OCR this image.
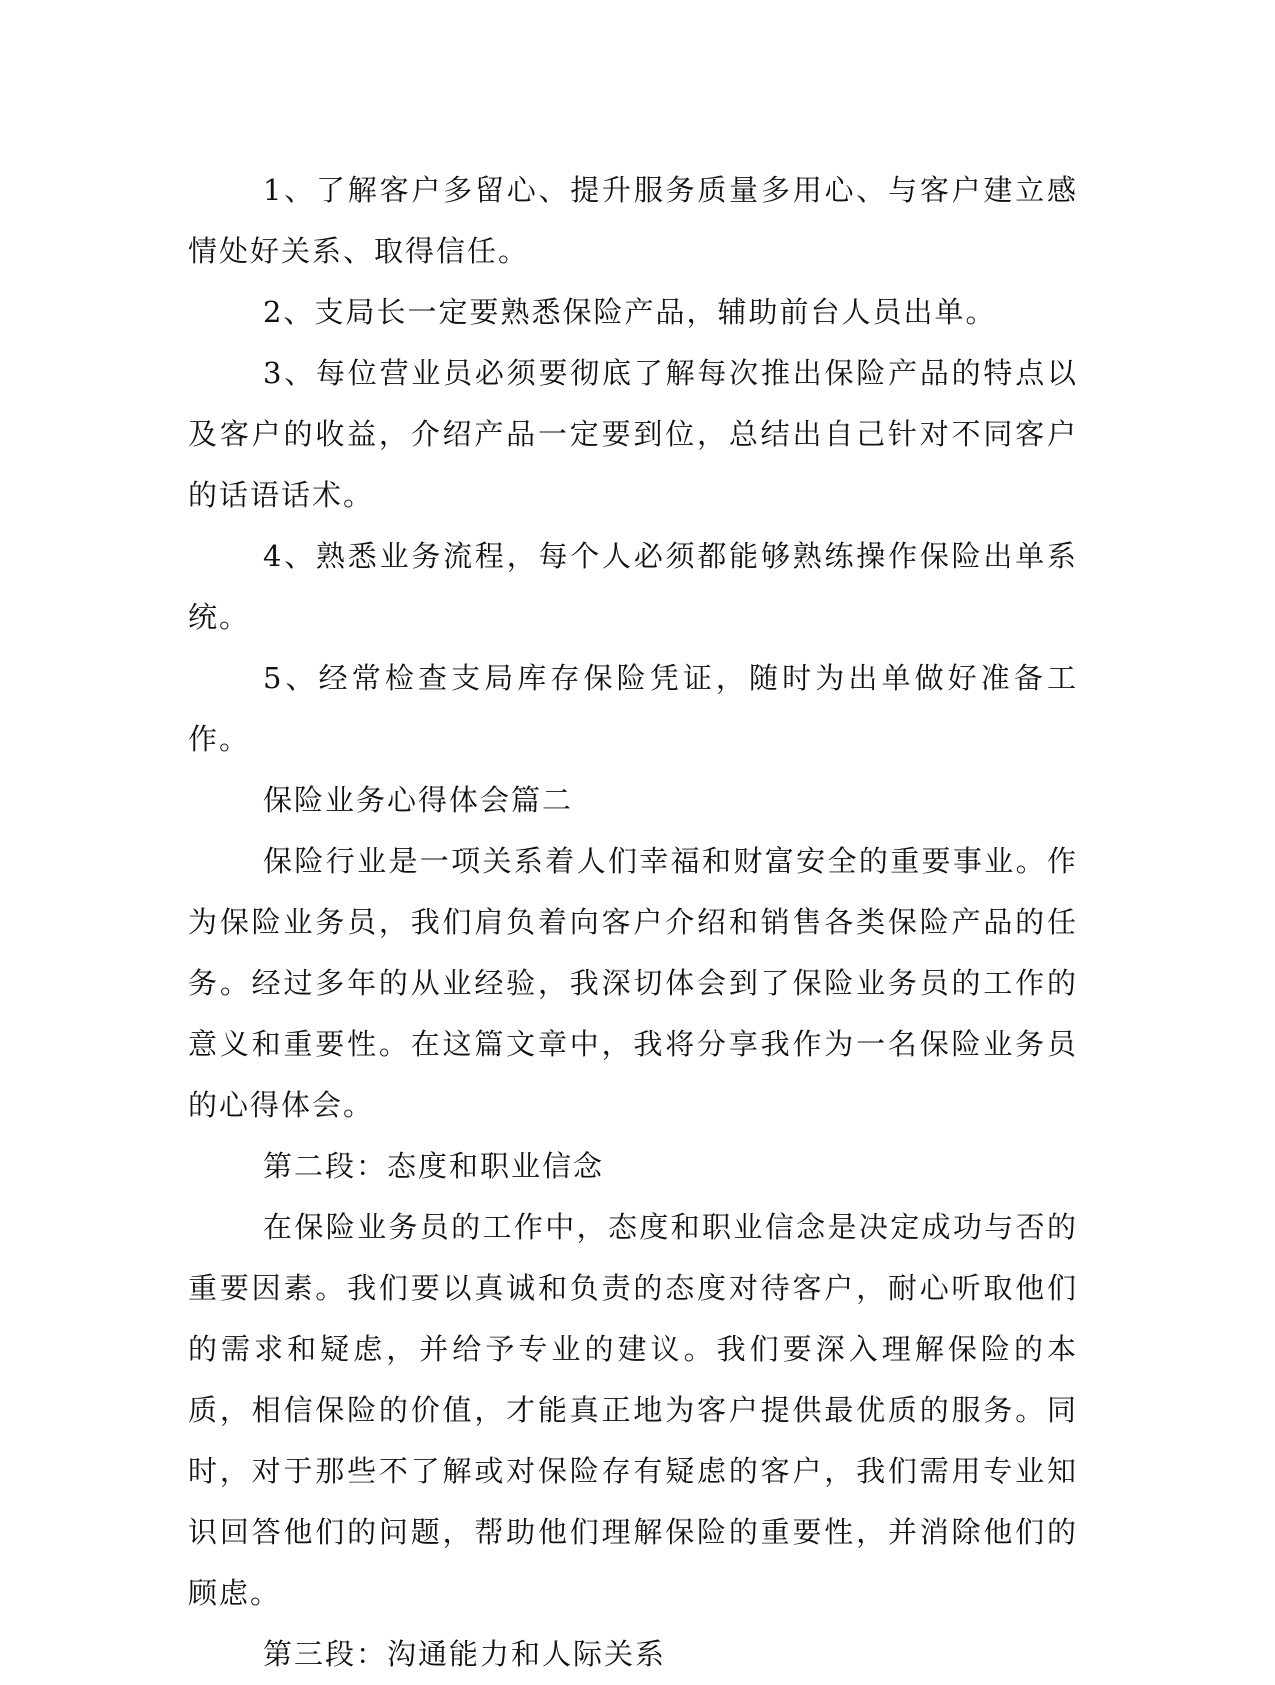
1、了解客户多留心、提升服务质量多用心、与客户建立感情处好关系、取得信任。

2、支局长一定要熟悉保险产品，辅助前台人员出单。

3、每位营业员必须要彻底了解每次推出保险产品的特点以及客户的收益，介绍产品一定要到位，总结出自己针对不同客户的话语话术。

4、熟悉业务流程，每个人必须都能够熟练操作保险出单系统。

5、经常检查支局库存保险凭证，随时为出单做好准备工作。

保险业务心得体会篇二

保险行业是一项关系着人们幸福和财富安全的重要事业。作为保险业务员，我们肩负着向客户介绍和销售各类保险产品的任务。经过多年的从业经验，我深切体会到了保险业务员的工作的意义和重要性。在这篇文章中，我将分享我作为一名保险业务员的心得体会。

第二段：态度和职业信念

在保险业务员的工作中，态度和职业信念是决定成功与否的重要因素。我们要以真诚和负责的态度对待客户，耐心听取他们的需求和疑虑，并给予专业的建议。我们要深入理解保险的本质，相信保险的价值，才能真正地为客户提供最优质的服务。同时，对于那些不了解或对保险存有疑虑的客户，我们需用专业知识回答他们的问题，帮助他们理解保险的重要性，并消除他们的顾虑。

第三段：沟通能力和人际关系
